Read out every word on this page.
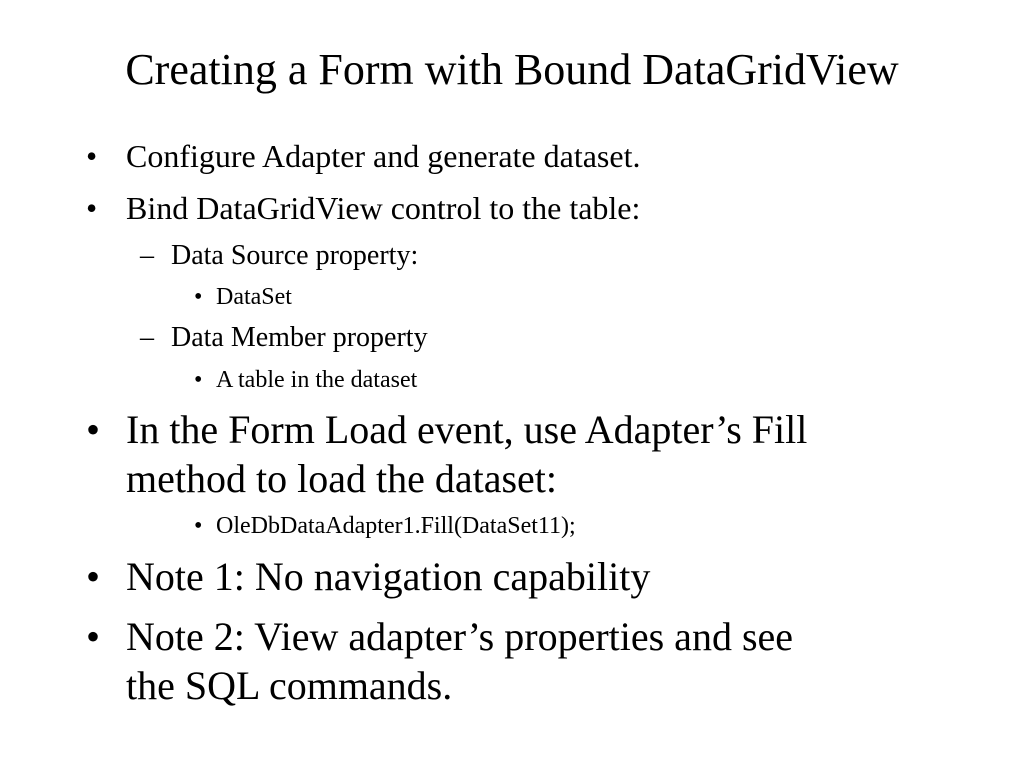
Creating a Form with Bound DataGridView
• Configure Adapter and generate dataset.
• Bind DataGridView control to the table:
– Data Source property:
• DataSet
– Data Member property
• A table in the dataset
• In the Form Load event, use Adapter’s Fill
method to load the dataset:
• OleDbDataAdapter1.Fill(DataSet11);
• Note 1: No navigation capability
• Note 2: View adapter’s properties and see
the SQL commands.
